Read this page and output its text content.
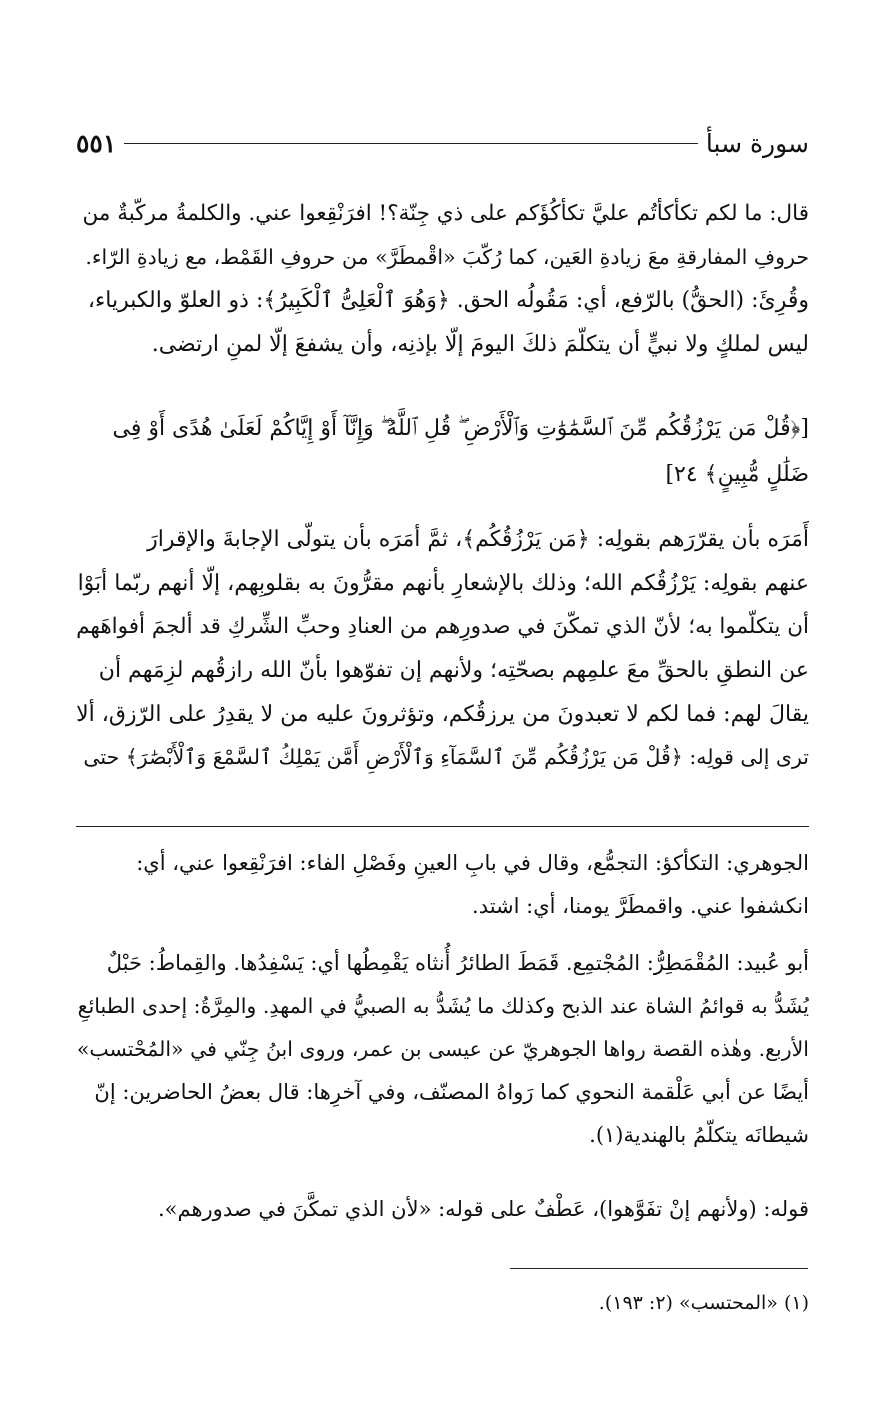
سورة سبأ
٥٥١
قال: ما لكم تكأكأتُم عليَّ تكأكُؤَكم على ذي جِنّة؟! افرَنْقِعوا عني. والكلمةُ مركّبةٌ من
حروفِ المفارقةِ معَ زيادةِ العَين، كما رُكّبَ «اقْمطَرَّ» من حروفِ القَمْط، مع زيادةِ الرّاء.
وقُرِئَ: (الحقُّ) بالرّفع، أي: مَقُولُه الحق. ﴿وَهُوَ ٱلْعَلِىُّ ٱلْكَبِيرُ﴾: ذو العلوّ والكبرياء،
ليس لملكٍ ولا نبيٍّ أن يتكلّمَ ذلكَ اليومَ إلّا بإذنِه، وأن يشفعَ إلّا لمنِ ارتضى.
[﴿قُلْ مَن يَرْزُقُكُم مِّنَ ٱلسَّمَٰوَٰتِ وَٱلْأَرْضِ ۖ قُلِ ٱللَّهُ ۖ وَإِنَّآ أَوْ إِيَّاكُمْ لَعَلَىٰ هُدًى أَوْ فِى
ضَلَٰلٍ مُّبِينٍ﴾ ٢٤]
أَمَرَه بأن يقرّرَهم بقولِه: ﴿مَن يَرْزُقُكُم﴾، ثمَّ أمَرَه بأن يتولّى الإجابةَ والإقرارَ
عنهم بقولِه: يَرْزُقُكم الله؛ وذلك بالإشعارِ بأنهم مقرُّونَ به بقلوبِهم، إلّا أنهم ربّما أبَوْا
أن يتكلّموا به؛ لأنّ الذي تمكّنَ في صدورِهم من العنادِ وحبِّ الشِّركِ قد ألجمَ أفواهَهم
عن النطقِ بالحقِّ معَ علمِهم بصحّتِه؛ ولأنهم إن تفوّهوا بأنّ الله رازقُهم لزِمَهم أن
يقالَ لهم: فما لكم لا تعبدونَ من يرزقُكم، وتؤثرونَ عليه من لا يقدِرُ على الرّزق، ألا
ترى إلى قولِه: ﴿قُلْ مَن يَرْزُقُكُم مِّنَ ٱلسَّمَآءِ وَٱلْأَرْضِ أَمَّن يَمْلِكُ ٱلسَّمْعَ وَٱلْأَبْصَٰرَ﴾ حتى
الجوهري: التكأكؤ: التجمُّع، وقال في بابِ العينِ وفَصْلِ الفاء: افرَنْقِعوا عني، أي:
انكشفوا عني. واقمطَرَّ يومنا، أي: اشتد.
أبو عُبيد: المُقْمَطِرُّ: المُجْتمِع. قَمَطَ الطائرُ أُنثاه يَقْمِطُها أي: يَسْفِدُها. والقِماطُ: حَبْلٌ
يُشَدُّ به قوائمُ الشاة عند الذبح وكذلك ما يُشَدُّ به الصبيُّ في المهدِ. والمِرَّةُ: إحدى الطبائعِ
الأربع. وهٰذه القصة رواها الجوهريّ عن عيسى بن عمر، وروى ابنُ جِنّي في «المُحْتسب»
أيضًا عن أبي عَلْقمة النحوي كما رَواهُ المصنّف، وفي آخرِها: قال بعضُ الحاضرين: إنّ
شيطانَه يتكلّمُ بالهندية(١).
قوله: (ولأنهم إنْ تفَوَّهوا)، عَطْفٌ على قوله: «لأن الذي تمكَّنَ في صدورهم».
(١) «المحتسب» (٢: ١٩٣).
